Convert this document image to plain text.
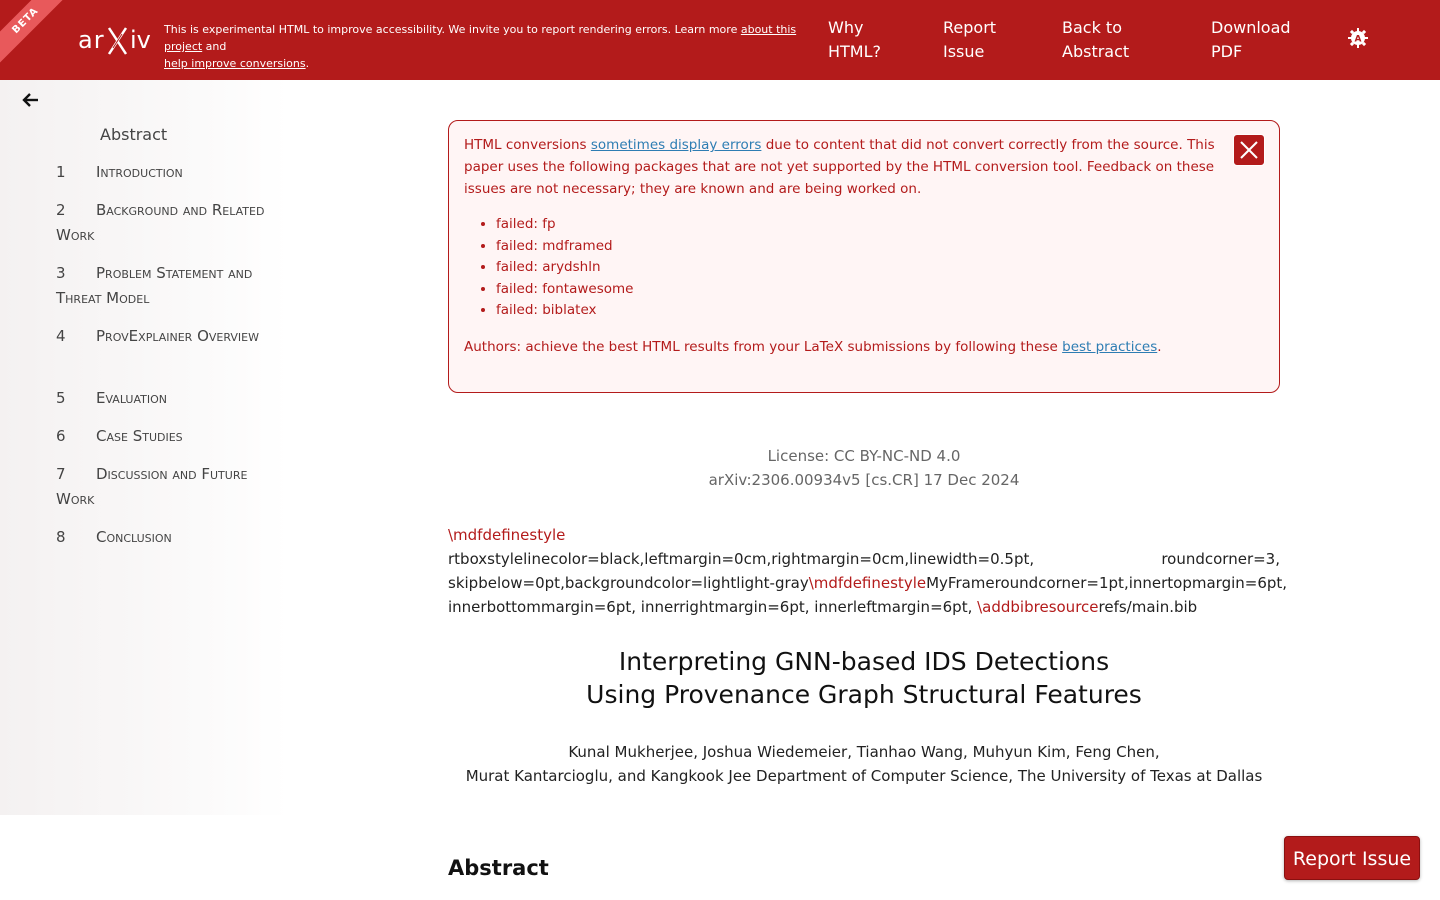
BETA
ar iv This is experimental HTML to improve accessibility. We invite you to report rendering errors. Learn more about this project and
help improve conversions.
Why
HTML?
Report
Issue
Back to
Abstract
Download
PDF
A
Abstract
1 Introduction
2 Background and Related Work
3 Problem Statement and Threat Model
4 ProvExplainer Overview
5 Evaluation
6 Case Studies
7 Discussion and Future Work
8 Conclusion
HTML conversions sometimes display errors due to content that did not convert correctly from the source. This paper uses the following packages that are not yet supported by the HTML conversion tool. Feedback on these issues are not necessary; they are known and are being worked on.
• failed: fp
• failed: mdframed
• failed: arydshln
• failed: fontawesome
• failed: biblatex
Authors: achieve the best HTML results from your LaTeX submissions by following these best practices.
License: CC BY-NC-ND 4.0
arXiv:2306.00934v5 [cs.CR] 17 Dec 2024
\mdfdefinestyle
rtboxstylelinecolor=black,leftmargin=0cm,rightmargin=0cm,linewidth=0.5pt,	roundcorner=3,
skipbelow=0pt,backgroundcolor=lightlight-gray \mdfdefinestyleMyFrameroundcorner=1pt, innertopmargin=6pt,
innerbottommargin=6pt, innerrightmargin=6pt, innerleftmargin=6pt, \addbibresourcerefs/main.bib
Interpreting GNN-based IDS Detections
Using Provenance Graph Structural Features
Kunal Mukherjee, Joshua Wiedemeier, Tianhao Wang, Muhyun Kim, Feng Chen,
Murat Kantarcioglu, and Kangkook Jee Department of Computer Science, The University of Texas at Dallas
Abstract	Report Issue
